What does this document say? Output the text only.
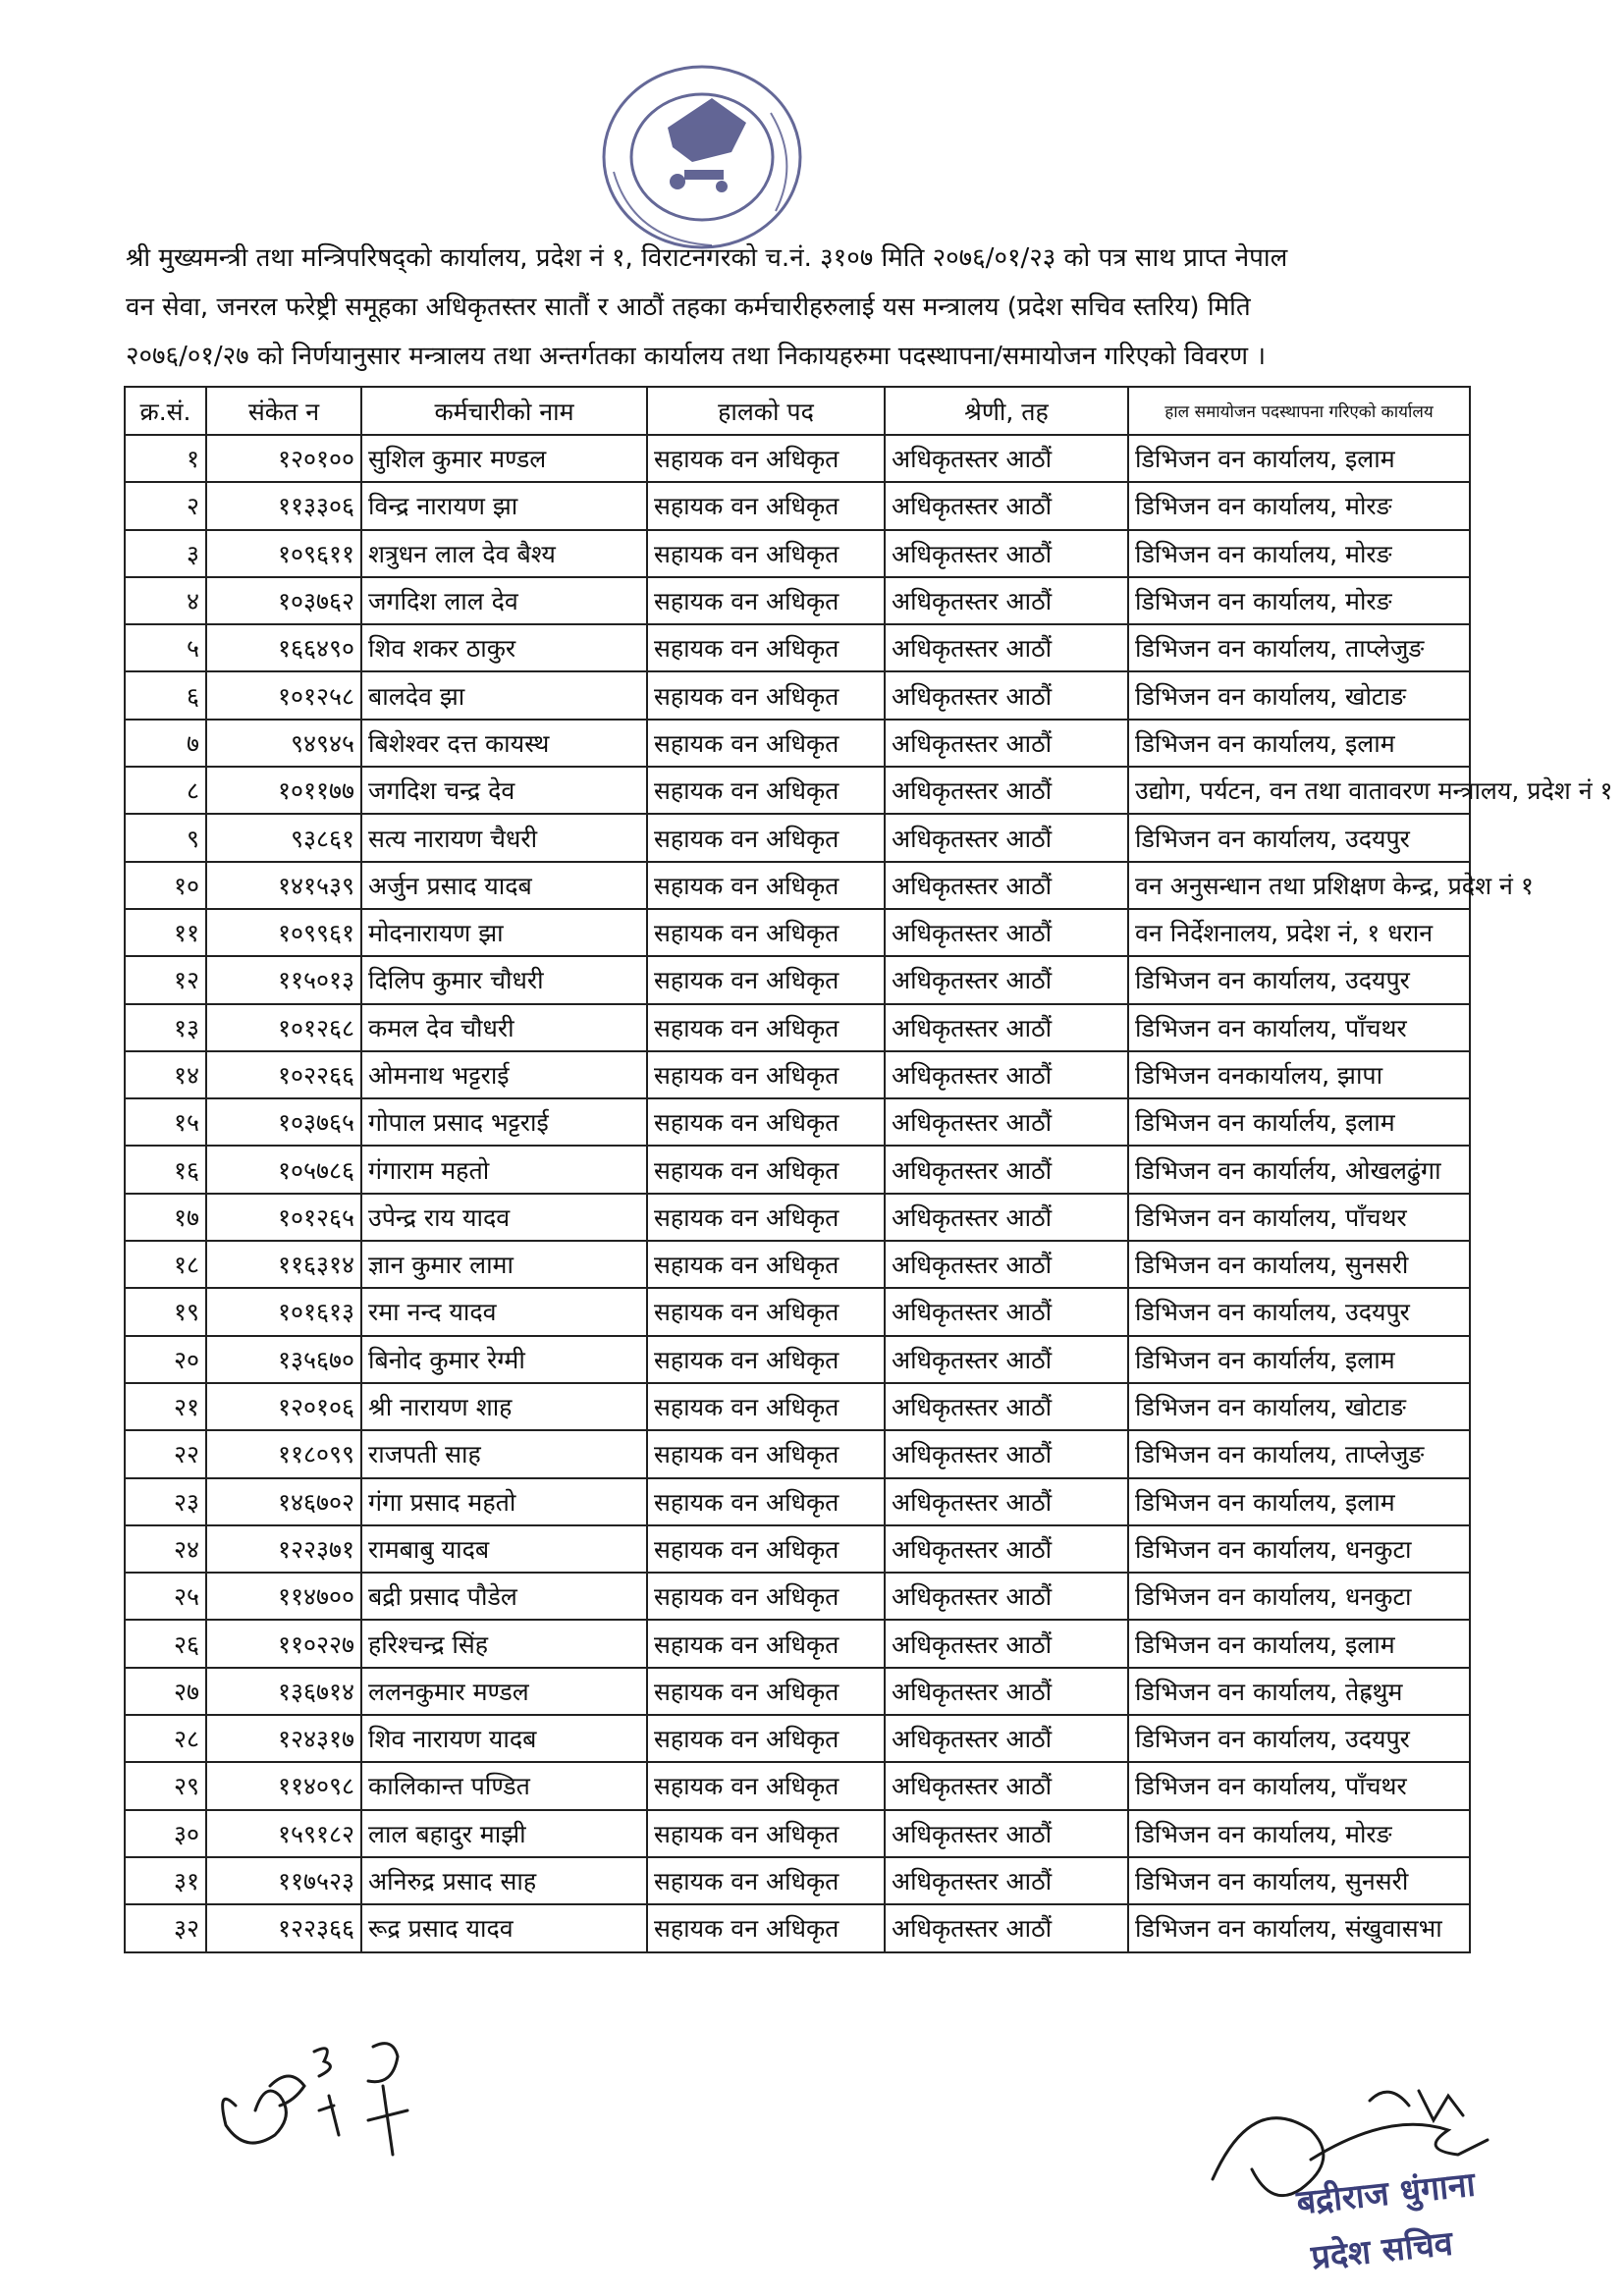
श्री मुख्यमन्त्री तथा मन्त्रिपरिषद्को कार्यालय, प्रदेश नं १, विराटनगरको च.नं. ३१०७ मिति २०७६/०१/२३ को पत्र साथ प्राप्त नेपाल

वन सेवा, जनरल फरेष्ट्री समूहका अधिकृतस्तर सातौं र आठौं तहका कर्मचारीहरुलाई यस मन्त्रालय (प्रदेश सचिव स्तरिय) मिति

२०७६/०१/२७ को निर्णयानुसार मन्त्रालय तथा अन्तर्गतका कार्यालय तथा निकायहरुमा पदस्थापना/समायोजन गरिएको विवरण ।

क्र.सं.	संकेत न	कर्मचारीको नाम	हालको पद	श्रेणी, तह	हाल समायोजन पदस्थापना गरिएको कार्यालय
१	१२०१००	सुशिल कुमार मण्डल	सहायक वन अधिकृत	अधिकृतस्तर आठौं	डिभिजन वन कार्यालय, इलाम
२	११३३०६	विन्द्र नारायण झा	सहायक वन अधिकृत	अधिकृतस्तर आठौं	डिभिजन वन कार्यालय, मोरङ
३	१०९६११	शत्रुधन लाल देव बैश्य	सहायक वन अधिकृत	अधिकृतस्तर आठौं	डिभिजन वन कार्यालय, मोरङ
४	१०३७६२	जगदिश लाल देव	सहायक वन अधिकृत	अधिकृतस्तर आठौं	डिभिजन वन कार्यालय, मोरङ
५	१६६४९०	शिव शकर ठाकुर	सहायक वन अधिकृत	अधिकृतस्तर आठौं	डिभिजन वन कार्यालय, ताप्लेजुङ
६	१०१२५८	बालदेव झा	सहायक वन अधिकृत	अधिकृतस्तर आठौं	डिभिजन वन कार्यालय, खोटाङ
७	९४९४५	बिशेश्वर दत्त कायस्थ	सहायक वन अधिकृत	अधिकृतस्तर आठौं	डिभिजन वन कार्यालय, इलाम
८	१०११७७	जगदिश चन्द्र देव	सहायक वन अधिकृत	अधिकृतस्तर आठौं	उद्योग, पर्यटन, वन तथा वातावरण मन्त्रालय, प्रदेश नं १
९	९३८६१	सत्य नारायण चैधरी	सहायक वन अधिकृत	अधिकृतस्तर आठौं	डिभिजन वन कार्यालय, उदयपुर
१०	१४१५३९	अर्जुन प्रसाद यादब	सहायक वन अधिकृत	अधिकृतस्तर आठौं	वन अनुसन्धान तथा प्रशिक्षण केन्द्र, प्रदेश नं १
११	१०९९६१	मोदनारायण झा	सहायक वन अधिकृत	अधिकृतस्तर आठौं	वन निर्देशनालय, प्रदेश नं, १ धरान
१२	११५०१३	दिलिप कुमार चौधरी	सहायक वन अधिकृत	अधिकृतस्तर आठौं	डिभिजन वन कार्यालय, उदयपुर
१३	१०१२६८	कमल देव चौधरी	सहायक वन अधिकृत	अधिकृतस्तर आठौं	डिभिजन वन कार्यालय, पाँचथर
१४	१०२२६६	ओमनाथ भट्टराई	सहायक वन अधिकृत	अधिकृतस्तर आठौं	डिभिजन वनकार्यालय, झापा
१५	१०३७६५	गोपाल प्रसाद भट्टराई	सहायक वन अधिकृत	अधिकृतस्तर आठौं	डिभिजन वन कार्यार्लय, इलाम
१६	१०५७८६	गंगाराम महतो	सहायक वन अधिकृत	अधिकृतस्तर आठौं	डिभिजन वन कार्यार्लय, ओखलढुंगा
१७	१०१२६५	उपेन्द्र राय यादव	सहायक वन अधिकृत	अधिकृतस्तर आठौं	डिभिजन वन कार्यालय, पाँचथर
१८	११६३१४	ज्ञान कुमार लामा	सहायक वन अधिकृत	अधिकृतस्तर आठौं	डिभिजन वन कार्यालय, सुनसरी
१९	१०१६१३	रमा नन्द यादव	सहायक वन अधिकृत	अधिकृतस्तर आठौं	डिभिजन वन कार्यालय, उदयपुर
२०	१३५६७०	बिनोद कुमार रेग्मी	सहायक वन अधिकृत	अधिकृतस्तर आठौं	डिभिजन वन कार्यार्लय, इलाम
२१	१२०१०६	श्री नारायण शाह	सहायक वन अधिकृत	अधिकृतस्तर आठौं	डिभिजन वन कार्यालय, खोटाङ
२२	११८०९९	राजपती साह	सहायक वन अधिकृत	अधिकृतस्तर आठौं	डिभिजन वन कार्यालय, ताप्लेजुङ
२३	१४६७०२	गंगा प्रसाद महतो	सहायक वन अधिकृत	अधिकृतस्तर आठौं	डिभिजन वन कार्यालय, इलाम
२४	१२२३७१	रामबाबु यादब	सहायक वन अधिकृत	अधिकृतस्तर आठौं	डिभिजन वन कार्यालय, धनकुटा
२५	११४७००	बद्री प्रसाद पौडेल	सहायक वन अधिकृत	अधिकृतस्तर आठौं	डिभिजन वन कार्यालय, धनकुटा
२६	११०२२७	हरिश्चन्द्र सिंह	सहायक वन अधिकृत	अधिकृतस्तर आठौं	डिभिजन वन कार्यालय, इलाम
२७	१३६७१४	ललनकुमार मण्डल	सहायक वन अधिकृत	अधिकृतस्तर आठौं	डिभिजन वन कार्यालय, तेह्रथुम
२८	१२४३१७	शिव नारायण यादब	सहायक वन अधिकृत	अधिकृतस्तर आठौं	डिभिजन वन कार्यालय, उदयपुर
२९	११४०९८	कालिकान्त पण्डित	सहायक वन अधिकृत	अधिकृतस्तर आठौं	डिभिजन वन कार्यालय, पाँचथर
३०	१५९१८२	लाल बहादुर माझी	सहायक वन अधिकृत	अधिकृतस्तर आठौं	डिभिजन वन कार्यालय, मोरङ
३१	११७५२३	अनिरुद्र प्रसाद साह	सहायक वन अधिकृत	अधिकृतस्तर आठौं	डिभिजन वन कार्यालय, सुनसरी
३२	१२२३६६	रूद्र प्रसाद यादव	सहायक वन अधिकृत	अधिकृतस्तर आठौं	डिभिजन वन कार्यालय, संखुवासभा
बद्रीराज धुंगाना
प्रदेश सचिव
